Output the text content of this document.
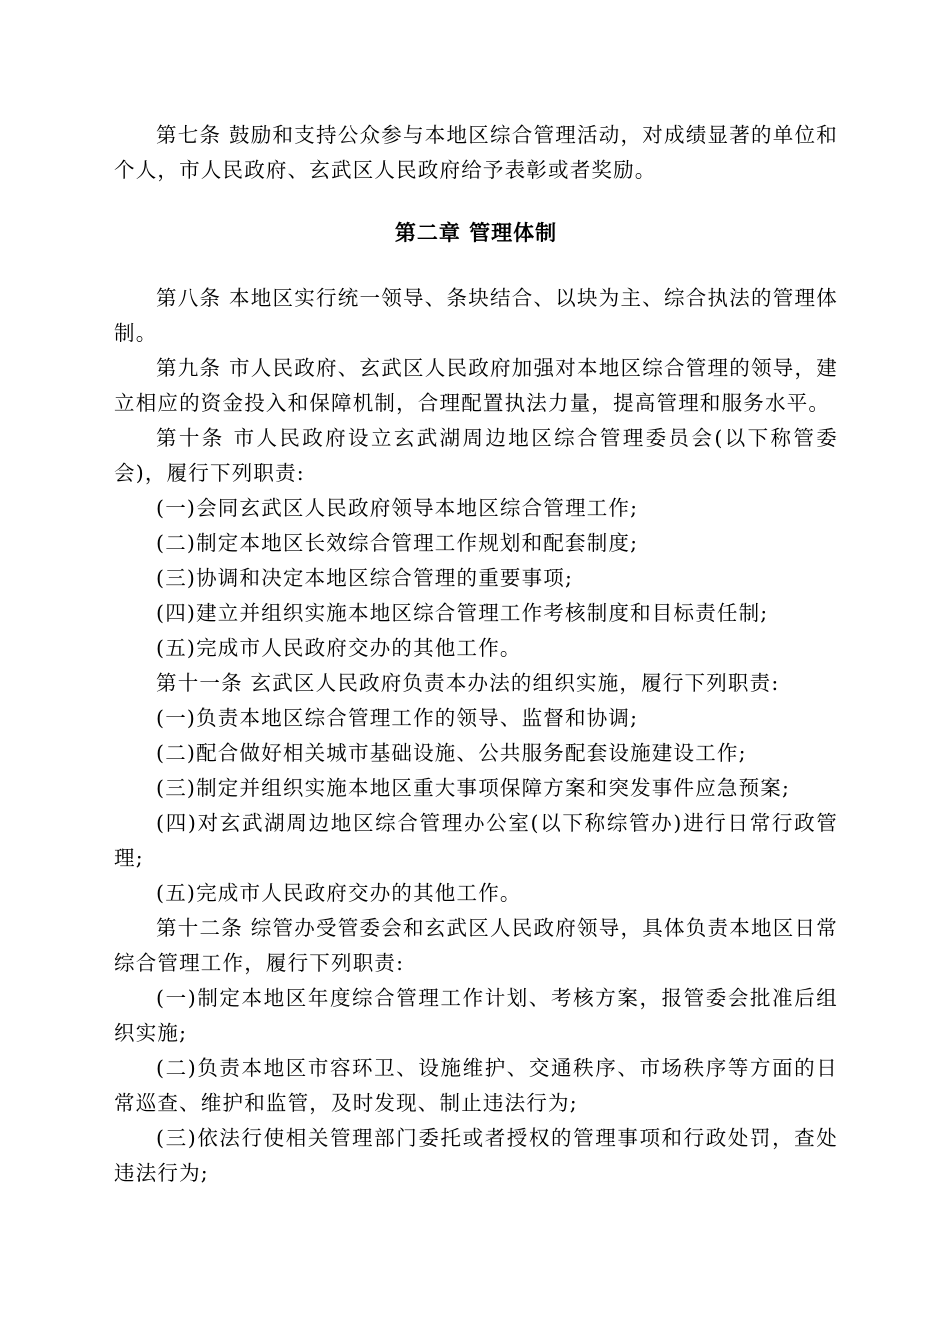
第七条 鼓励和支持公众参与本地区综合管理活动，对成绩显著的单位和个人，市人民政府、玄武区人民政府给予表彰或者奖励。

第二章 管理体制

第八条 本地区实行统一领导、条块结合、以块为主、综合执法的管理体制。

第九条 市人民政府、玄武区人民政府加强对本地区综合管理的领导，建立相应的资金投入和保障机制，合理配置执法力量，提高管理和服务水平。

第十条 市人民政府设立玄武湖周边地区综合管理委员会(以下称管委会)，履行下列职责:

(一)会同玄武区人民政府领导本地区综合管理工作;

(二)制定本地区长效综合管理工作规划和配套制度;

(三)协调和决定本地区综合管理的重要事项;

(四)建立并组织实施本地区综合管理工作考核制度和目标责任制;

(五)完成市人民政府交办的其他工作。

第十一条 玄武区人民政府负责本办法的组织实施，履行下列职责:

(一)负责本地区综合管理工作的领导、监督和协调;

(二)配合做好相关城市基础设施、公共服务配套设施建设工作;

(三)制定并组织实施本地区重大事项保障方案和突发事件应急预案;

(四)对玄武湖周边地区综合管理办公室(以下称综管办)进行日常行政管理;

(五)完成市人民政府交办的其他工作。

第十二条 综管办受管委会和玄武区人民政府领导，具体负责本地区日常综合管理工作，履行下列职责:

(一)制定本地区年度综合管理工作计划、考核方案，报管委会批准后组织实施;

(二)负责本地区市容环卫、设施维护、交通秩序、市场秩序等方面的日常巡查、维护和监管，及时发现、制止违法行为;

(三)依法行使相关管理部门委托或者授权的管理事项和行政处罚，查处违法行为;
